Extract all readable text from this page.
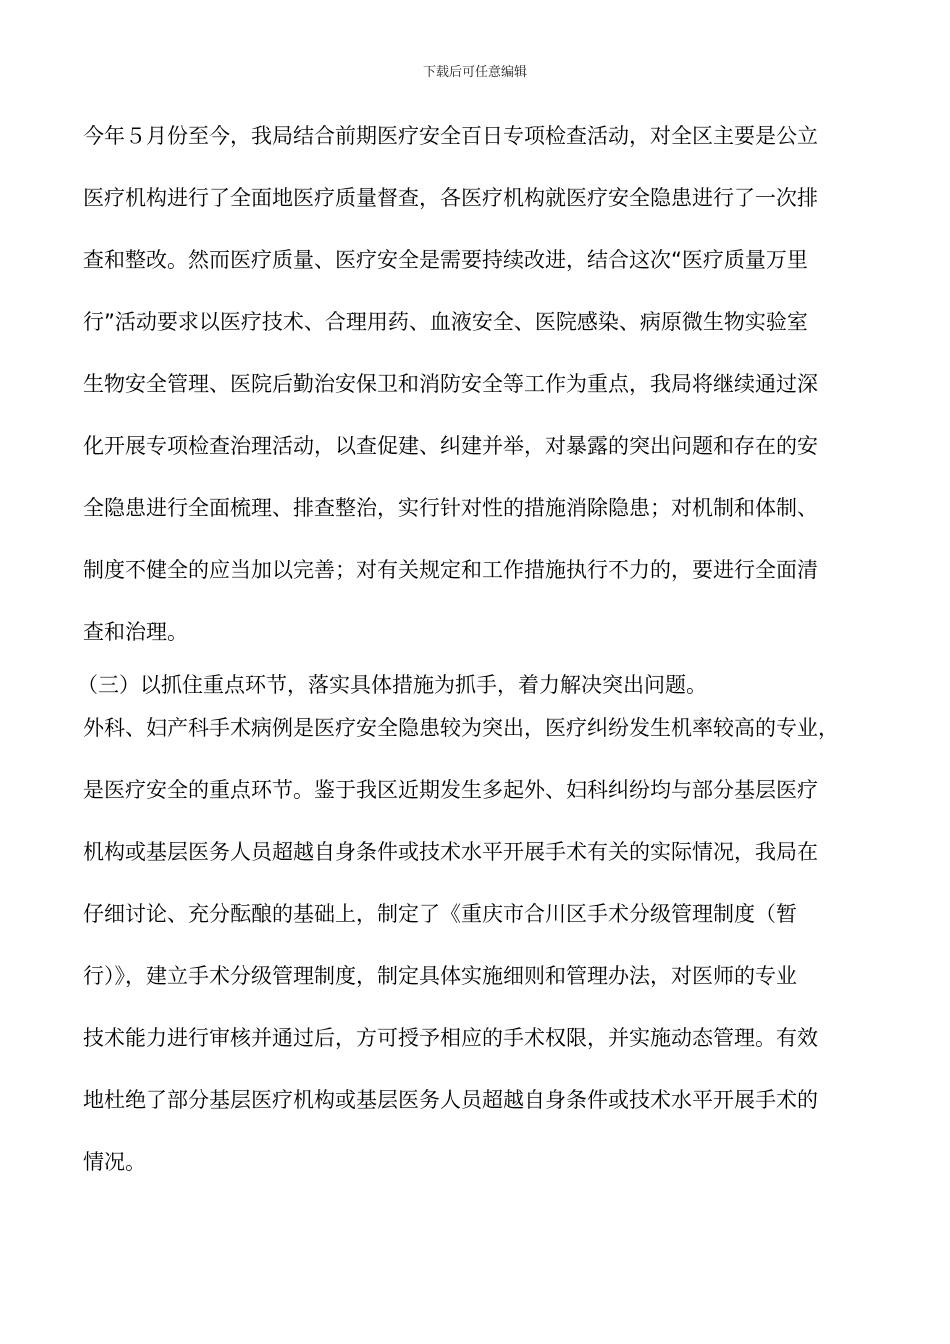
下载后可任意编辑
今年５月份至今，我局结合前期医疗安全百日专项检查活动，对全区主要是公立
医疗机构进行了全面地医疗质量督查，各医疗机构就医疗安全隐患进行了一次排
查和整改。然而医疗质量、医疗安全是需要持续改进，结合这次“医疗质量万里
行”活动要求以医疗技术、合理用药、血液安全、医院感染、病原微生物实验室
生物安全管理、医院后勤治安保卫和消防安全等工作为重点，我局将继续通过深
化开展专项检查治理活动，以查促建、纠建并举，对暴露的突出问题和存在的安
全隐患进行全面梳理、排查整治，实行针对性的措施消除隐患；对机制和体制、
制度不健全的应当加以完善；对有关规定和工作措施执行不力的，要进行全面清
查和治理。
（三）以抓住重点环节，落实具体措施为抓手，着力解决突出问题。
外科、妇产科手术病例是医疗安全隐患较为突出，医疗纠纷发生机率较高的专业，
是医疗安全的重点环节。鉴于我区近期发生多起外、妇科纠纷均与部分基层医疗
机构或基层医务人员超越自身条件或技术水平开展手术有关的实际情况，我局在
仔细讨论、充分酝酿的基础上，制定了《重庆市合川区手术分级管理制度（暂
行）》，建立手术分级管理制度，制定具体实施细则和管理办法，对医师的专业
技术能力进行审核并通过后，方可授予相应的手术权限，并实施动态管理。有效
地杜绝了部分基层医疗机构或基层医务人员超越自身条件或技术水平开展手术的
情况。
